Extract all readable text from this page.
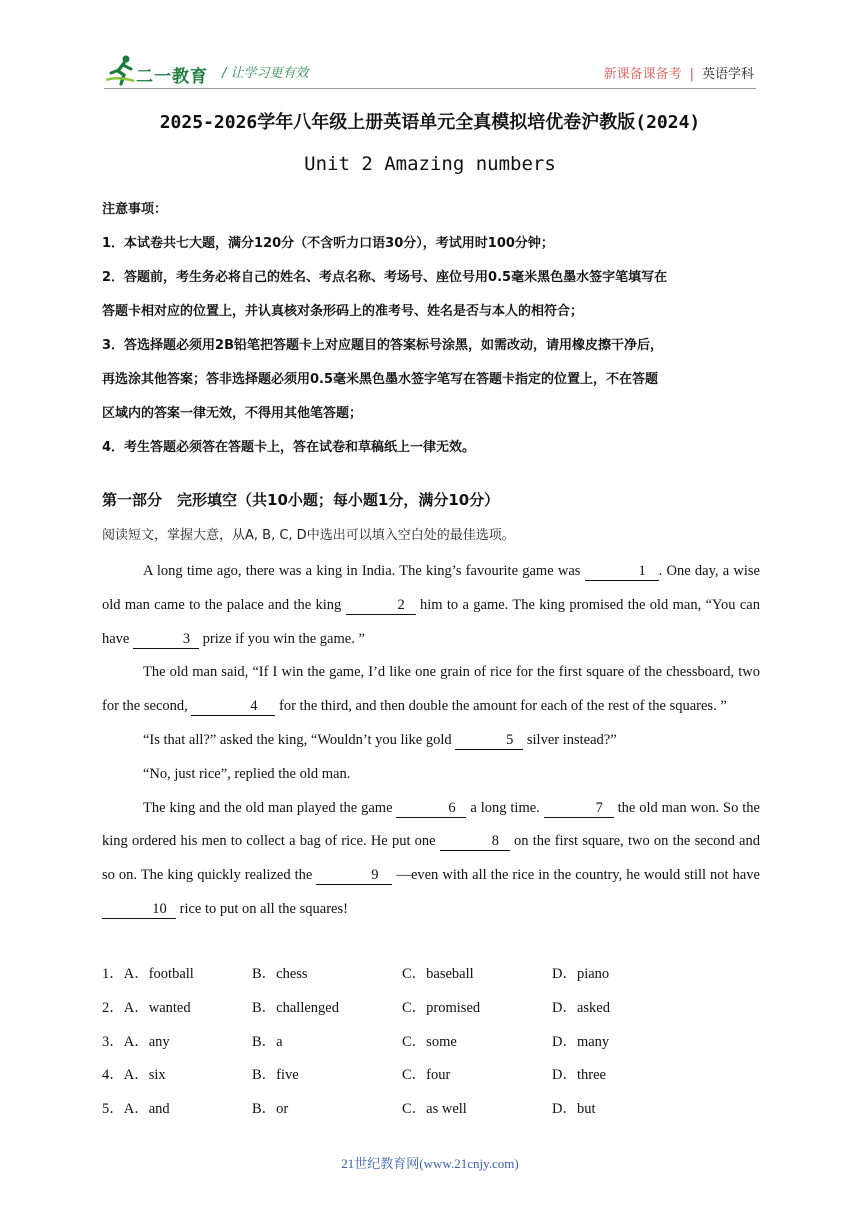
二一教育 / 让学习更有效	新课备课备考 | 英语学科
2025-2026学年八年级上册英语单元全真模拟培优卷沪教版(2024)
Unit 2 Amazing numbers
注意事项：
1．本试卷共七大题，满分120分（不含听力口语30分），考试用时100分钟；
2．答题前，考生务必将自己的姓名、考点名称、考场号、座位号用0.5毫米黑色墨水签字笔填写在
答题卡相对应的位置上，并认真核对条形码上的准考号、姓名是否与本人的相符合；
3．答选择题必须用2B铅笔把答题卡上对应题目的答案标号涂黑，如需改动，请用橡皮擦干净后，
再选涂其他答案；答非选择题必须用0.5毫米黑色墨水签字笔写在答题卡指定的位置上，不在答题
区域内的答案一律无效，不得用其他笔答题；
4．考生答题必须答在答题卡上，答在试卷和草稿纸上一律无效。
第一部分　完形填空（共10小题；每小题1分，满分10分）
阅读短文，掌握大意，从A, B, C, D中选出可以填入空白处的最佳选项。

A long time ago, there was a king in India. The king’s favourite game was	1 . One day, a wise old man came to the palace and the king	2 him to a game. The king promised the old man, “You can have	3 prize if you win the game. ”

The old man said, “If I win the game, I’d like one grain of rice for the first square of the chessboard, two for the second,	4 for the third, and then double the amount for each of the rest of the squares. ”

“Is that all?” asked the king, “Wouldn’t you like gold	5 silver instead?”

“No, just rice”, replied the old man.

The king and the old man played the game	6 a long time.	7 the old man won. So the king ordered his men to collect a bag of rice. He put one	8 on the first square, two on the second and so on. The king quickly realized the	9 —even with all the rice in the country, he would still not have 10 rice to put on all the squares!

1．A．football	B．chess	C．baseball	D．piano
2．A．wanted	B．challenged	C．promised	D．asked
3．A．any	B．a	C．some	D．many
4．A．six	B．five	C．four	D．three
5．A．and	B．or	C．as well	D．but
21世纪教育网(www.21cnjy.com)
